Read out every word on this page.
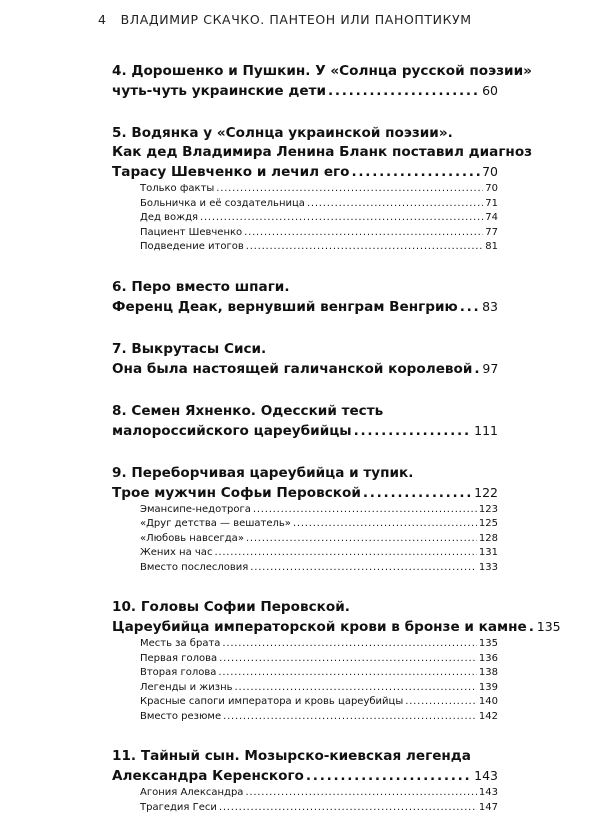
4 ВЛАДИМИР СКАЧКО. ПАНТЕОН ИЛИ ПАНОПТИКУМ
4. Дорошенко и Пушкин. У «Солнца русской поэзии»
чуть-чуть украинские дети . . .	60
5. Водянка у «Солнца украинской поэзии».
Как дед Владимира Ленина Бланк поставил диагноз
Тарасу Шевченко и лечил его . . .	70
Только факты . . .	70
Больничка и её создательница . . .	71
Дед вождя . . .	74
Пациент Шевченко . . .	77
Подведение итогов . . .	81
6. Перо вместо шпаги.
Ференц Деак, вернувший венграм Венгрию . . . 83
7. Выкрутасы Сиси.
Она была настоящей галичанской королевой . . . 97
8. Семен Яхненко. Одесский тесть
малороссийского цареубийцы . . .	111
9. Переборчивая цареубийца и тупик.
Трое мужчин Софьи Перовской . . .	122
Эмансипе-недотрога . . .	123
«Друг детства — вешатель» . . .	125
«Любовь навсегда» . . .	128
Жених на час . . .	131
Вместо послесловия . . .	133
10. Головы Софии Перовской.
Цареубийца императорской крови в бронзе и камне . . . 135
Месть за брата . . .	135
Первая голова . . .	136
Вторая голова . . .	138
Легенды и жизнь . . .	139
Красные сапоги императора и кровь цареубийцы . . .	140
Вместо резюме . . .	142
11. Тайный сын. Мозырско-киевская легенда
Александра Керенского . . .	143
Агония Александра . . .	143
Трагедия Геси . . .	147
